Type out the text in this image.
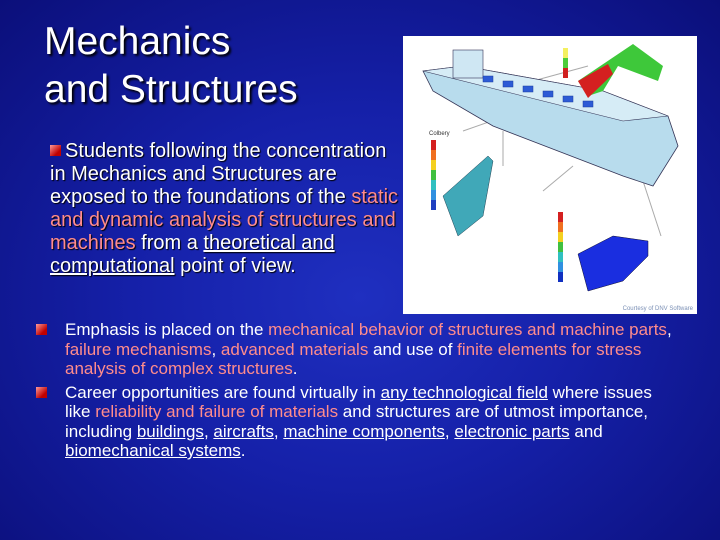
Mechanics
and Structures
Students following the concentration in Mechanics and Structures are exposed to the foundations of the static and dynamic analysis of structures and machines from a theoretical and computational point of view.
Colbery
Courtesy of DNV Software
Emphasis is placed on the mechanical behavior of structures and machine parts, failure mechanisms, advanced materials and use of finite elements for stress analysis of complex structures.
Career opportunities are found virtually in any technological field where issues like reliability and failure of materials and structures are of utmost importance, including buildings, aircrafts, machine components, electronic parts and biomechanical systems.
